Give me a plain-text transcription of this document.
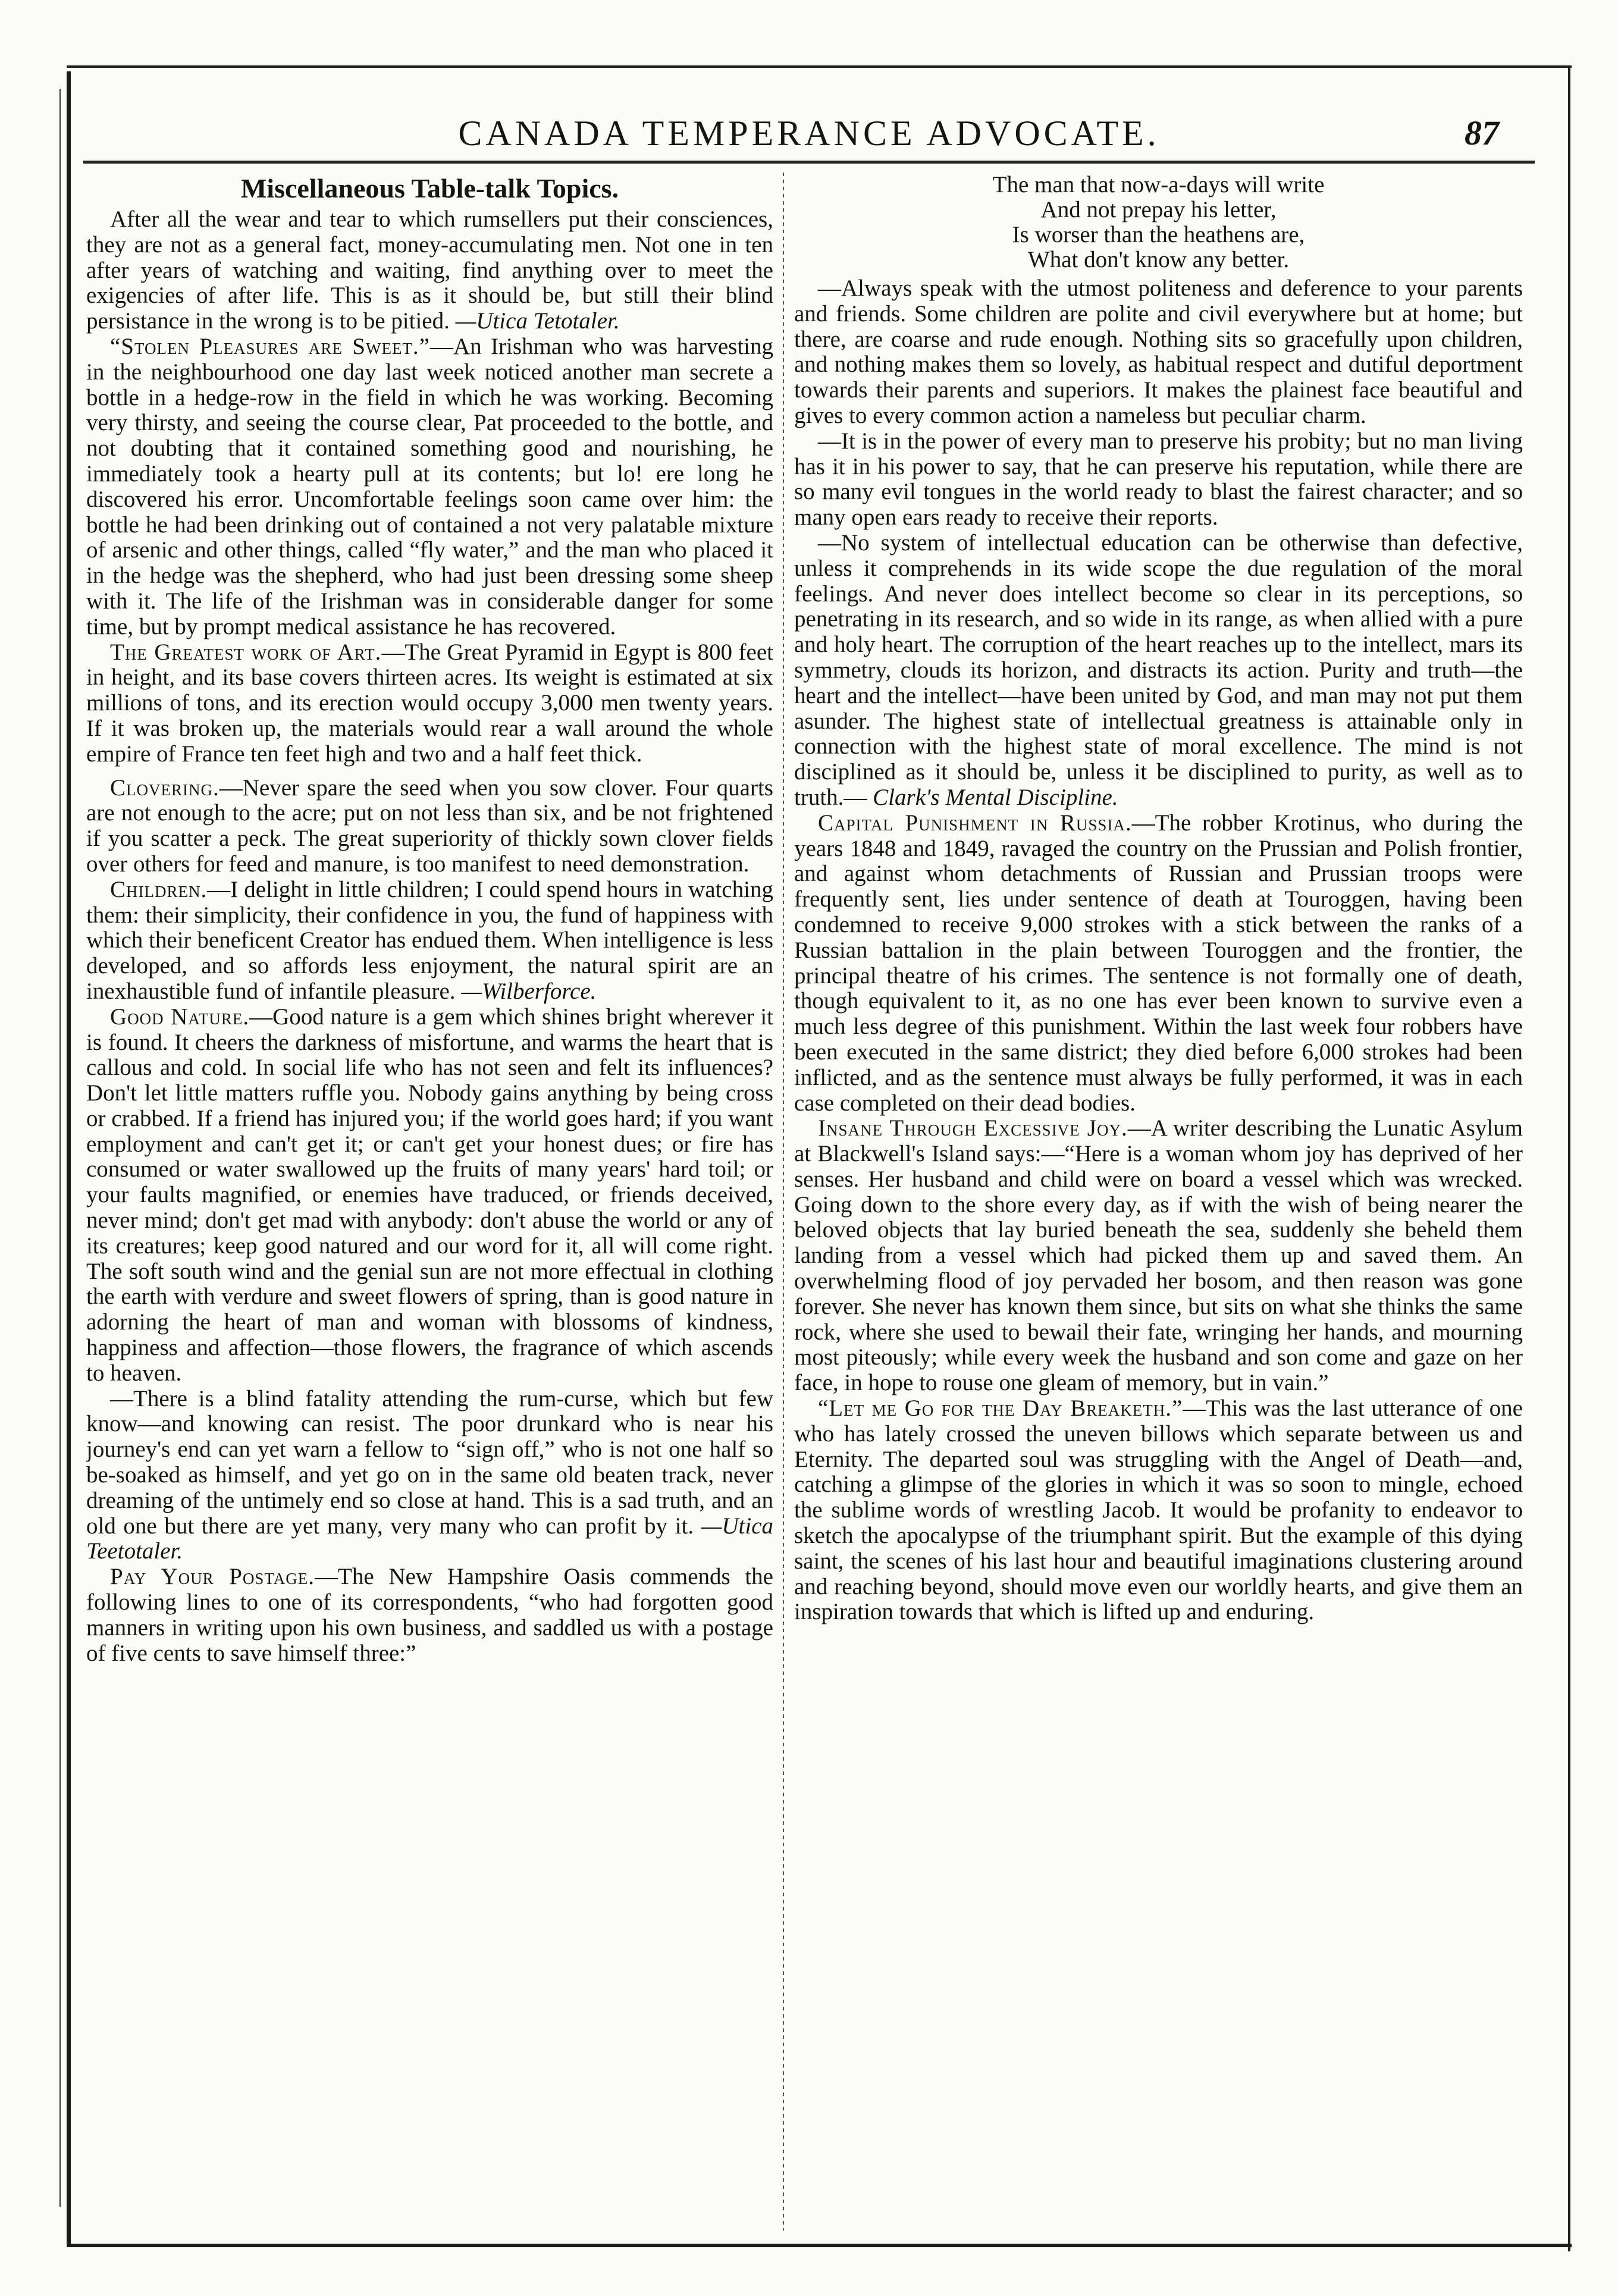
CANADA TEMPERANCE ADVOCATE.	87
Miscellaneous Table-talk Topics.

After all the wear and tear to which rumsellers put their consciences, they are not as a general fact, money-accumulating men. Not one in ten after years of watching and waiting, find anything over to meet the exigencies of after life. This is as it should be, but still their blind persistance in the wrong is to be pitied. —Utica Tetotaler.

“Stolen Pleasures are Sweet.”—An Irishman who was harvesting in the neighbourhood one day last week noticed another man secrete a bottle in a hedge-row in the field in which he was working. Becoming very thirsty, and seeing the course clear, Pat proceeded to the bottle, and not doubting that it contained something good and nourishing, he immediately took a hearty pull at its contents; but lo! ere long he discovered his error. Uncomfortable feelings soon came over him: the bottle he had been drinking out of contained a not very palatable mixture of arsenic and other things, called “fly water,” and the man who placed it in the hedge was the shepherd, who had just been dressing some sheep with it. The life of the Irishman was in considerable danger for some time, but by prompt medical assistance he has recovered.

The Greatest work of Art.—The Great Pyramid in Egypt is 800 feet in height, and its base covers thirteen acres. Its weight is estimated at six millions of tons, and its erection would occupy 3,000 men twenty years. If it was broken up, the materials would rear a wall around the whole empire of France ten feet high and two and a half feet thick.

Clovering.—Never spare the seed when you sow clover. Four quarts are not enough to the acre; put on not less than six, and be not frightened if you scatter a peck. The great superiority of thickly sown clover fields over others for feed and manure, is too manifest to need demonstration.

Children.—I delight in little children; I could spend hours in watching them: their simplicity, their confidence in you, the fund of happiness with which their beneficent Creator has endued them. When intelligence is less developed, and so affords less enjoyment, the natural spirit are an inexhaustible fund of infantile pleasure. —Wilberforce.

Good Nature.—Good nature is a gem which shines bright wherever it is found. It cheers the darkness of misfortune, and warms the heart that is callous and cold. In social life who has not seen and felt its influences? Don't let little matters ruffle you. Nobody gains anything by being cross or crabbed. If a friend has injured you; if the world goes hard; if you want employment and can't get it; or can't get your honest dues; or fire has consumed or water swallowed up the fruits of many years' hard toil; or your faults magnified, or enemies have traduced, or friends deceived, never mind; don't get mad with anybody: don't abuse the world or any of its creatures; keep good natured and our word for it, all will come right. The soft south wind and the genial sun are not more effectual in clothing the earth with verdure and sweet flowers of spring, than is good nature in adorning the heart of man and woman with blossoms of kindness, happiness and affection—those flowers, the fragrance of which ascends to heaven.

—There is a blind fatality attending the rum-curse, which but few know—and knowing can resist. The poor drunkard who is near his journey's end can yet warn a fellow to “sign off,” who is not one half so be-soaked as himself, and yet go on in the same old beaten track, never dreaming of the untimely end so close at hand. This is a sad truth, and an old one but there are yet many, very many who can profit by it. —Utica Teetotaler.

Pay Your Postage.—The New Hampshire Oasis commends the following lines to one of its correspondents, “who had forgotten good manners in writing upon his own business, and saddled us with a postage of five cents to save himself three:”

The man that now-a-days will write
And not prepay his letter,
Is worser than the heathens are,
What don't know any better.

—Always speak with the utmost politeness and deference to your parents and friends. Some children are polite and civil everywhere but at home; but there, are coarse and rude enough. Nothing sits so gracefully upon children, and nothing makes them so lovely, as habitual respect and dutiful deportment towards their parents and superiors. It makes the plainest face beautiful and gives to every common action a nameless but peculiar charm.

—It is in the power of every man to preserve his probity; but no man living has it in his power to say, that he can preserve his reputation, while there are so many evil tongues in the world ready to blast the fairest character; and so many open ears ready to receive their reports.

—No system of intellectual education can be otherwise than defective, unless it comprehends in its wide scope the due regulation of the moral feelings. And never does intellect become so clear in its perceptions, so penetrating in its research, and so wide in its range, as when allied with a pure and holy heart. The corruption of the heart reaches up to the intellect, mars its symmetry, clouds its horizon, and distracts its action. Purity and truth—the heart and the intellect—have been united by God, and man may not put them asunder. The highest state of intellectual greatness is attainable only in connection with the highest state of moral excellence. The mind is not disciplined as it should be, unless it be disciplined to purity, as well as to truth.— Clark's Mental Discipline.

Capital Punishment in Russia.—The robber Krotinus, who during the years 1848 and 1849, ravaged the country on the Prussian and Polish frontier, and against whom detachments of Russian and Prussian troops were frequently sent, lies under sentence of death at Touroggen, having been condemned to receive 9,000 strokes with a stick between the ranks of a Russian battalion in the plain between Touroggen and the frontier, the principal theatre of his crimes. The sentence is not formally one of death, though equivalent to it, as no one has ever been known to survive even a much less degree of this punishment. Within the last week four robbers have been executed in the same district; they died before 6,000 strokes had been inflicted, and as the sentence must always be fully performed, it was in each case completed on their dead bodies.

Insane Through Excessive Joy.—A writer describing the Lunatic Asylum at Blackwell's Island says:—“Here is a woman whom joy has deprived of her senses. Her husband and child were on board a vessel which was wrecked. Going down to the shore every day, as if with the wish of being nearer the beloved objects that lay buried beneath the sea, suddenly she beheld them landing from a vessel which had picked them up and saved them. An overwhelming flood of joy pervaded her bosom, and then reason was gone forever. She never has known them since, but sits on what she thinks the same rock, where she used to bewail their fate, wringing her hands, and mourning most piteously; while every week the husband and son come and gaze on her face, in hope to rouse one gleam of memory, but in vain.”

“Let me Go for the Day Breaketh.”—This was the last utterance of one who has lately crossed the uneven billows which separate between us and Eternity. The departed soul was struggling with the Angel of Death—and, catching a glimpse of the glories in which it was so soon to mingle, echoed the sublime words of wrestling Jacob. It would be profanity to endeavor to sketch the apocalypse of the triumphant spirit. But the example of this dying saint, the scenes of his last hour and beautiful imaginations clustering around and reaching beyond, should move even our worldly hearts, and give them an inspiration towards that which is lifted up and enduring.
